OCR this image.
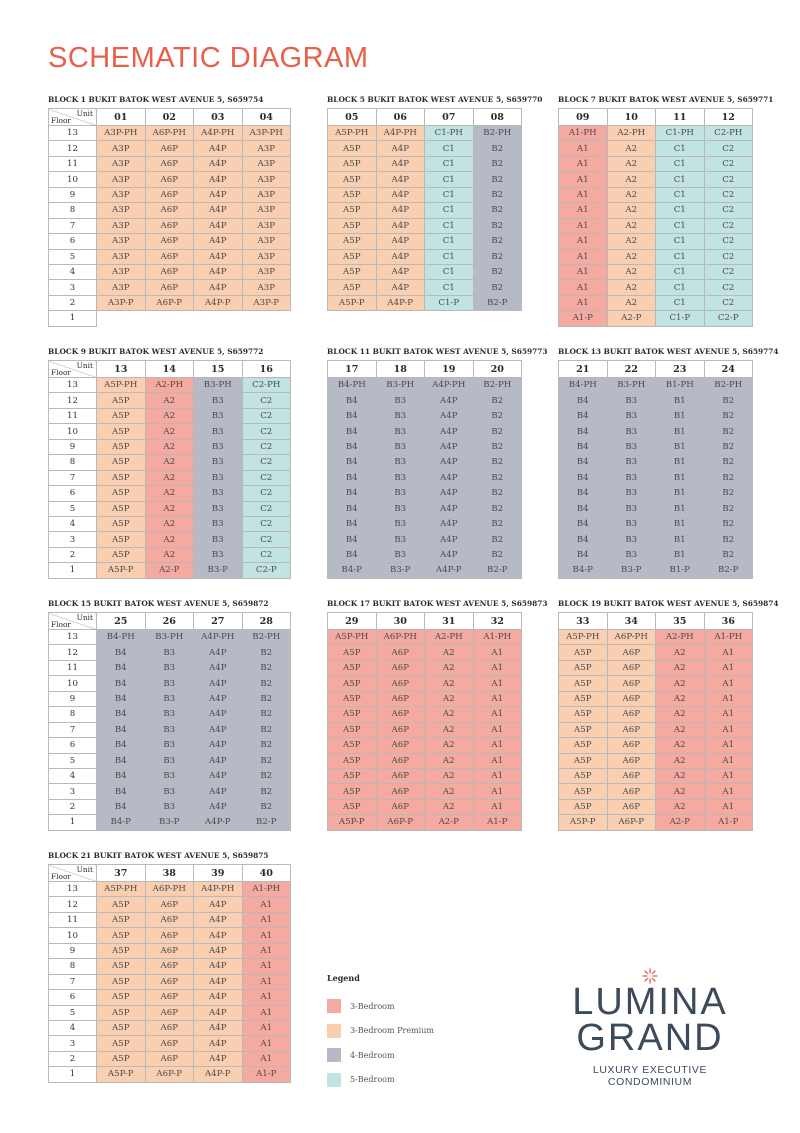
SCHEMATIC DIAGRAM
BLOCK 1 BUKIT BATOK WEST AVENUE 5, S659754
Unit
Floor	01	02	03	04
13	A3P-PH	A6P-PH	A4P-PH	A3P-PH
12	A3P	A6P	A4P	A3P
11	A3P	A6P	A4P	A3P
10	A3P	A6P	A4P	A3P
9	A3P	A6P	A4P	A3P
8	A3P	A6P	A4P	A3P
7	A3P	A6P	A4P	A3P
6	A3P	A6P	A4P	A3P
5	A3P	A6P	A4P	A3P
4	A3P	A6P	A4P	A3P
3	A3P	A6P	A4P	A3P
2	A3P-P	A6P-P	A4P-P	A3P-P
1				
BLOCK 5 BUKIT BATOK WEST AVENUE 5, S659770
05	06	07	08
A5P-PH	A4P-PH	C1-PH	B2-PH
A5P	A4P	C1	B2
A5P	A4P	C1	B2
A5P	A4P	C1	B2
A5P	A4P	C1	B2
A5P	A4P	C1	B2
A5P	A4P	C1	B2
A5P	A4P	C1	B2
A5P	A4P	C1	B2
A5P	A4P	C1	B2
A5P	A4P	C1	B2
A5P-P	A4P-P	C1-P	B2-P
BLOCK 7 BUKIT BATOK WEST AVENUE 5, S659771
09	10	11	12
A1-PH	A2-PH	C1-PH	C2-PH
A1	A2	C1	C2
A1	A2	C1	C2
A1	A2	C1	C2
A1	A2	C1	C2
A1	A2	C1	C2
A1	A2	C1	C2
A1	A2	C1	C2
A1	A2	C1	C2
A1	A2	C1	C2
A1	A2	C1	C2
A1	A2	C1	C2
A1-P	A2-P	C1-P	C2-P
BLOCK 9 BUKIT BATOK WEST AVENUE 5, S659772
Unit
Floor	13	14	15	16
13	A5P-PH	A2-PH	B3-PH	C2-PH
12	A5P	A2	B3	C2
11	A5P	A2	B3	C2
10	A5P	A2	B3	C2
9	A5P	A2	B3	C2
8	A5P	A2	B3	C2
7	A5P	A2	B3	C2
6	A5P	A2	B3	C2
5	A5P	A2	B3	C2
4	A5P	A2	B3	C2
3	A5P	A2	B3	C2
2	A5P	A2	B3	C2
1	A5P-P	A2-P	B3-P	C2-P
BLOCK 11 BUKIT BATOK WEST AVENUE 5, S659773
17	18	19	20
B4-PH	B3-PH	A4P-PH	B2-PH
B4	B3	A4P	B2
B4	B3	A4P	B2
B4	B3	A4P	B2
B4	B3	A4P	B2
B4	B3	A4P	B2
B4	B3	A4P	B2
B4	B3	A4P	B2
B4	B3	A4P	B2
B4	B3	A4P	B2
B4	B3	A4P	B2
B4	B3	A4P	B2
B4-P	B3-P	A4P-P	B2-P
BLOCK 13 BUKIT BATOK WEST AVENUE 5, S659774
21	22	23	24
B4-PH	B3-PH	B1-PH	B2-PH
B4	B3	B1	B2
B4	B3	B1	B2
B4	B3	B1	B2
B4	B3	B1	B2
B4	B3	B1	B2
B4	B3	B1	B2
B4	B3	B1	B2
B4	B3	B1	B2
B4	B3	B1	B2
B4	B3	B1	B2
B4	B3	B1	B2
B4-P	B3-P	B1-P	B2-P
BLOCK 15 BUKIT BATOK WEST AVENUE 5, S659872
Unit
Floor	25	26	27	28
13	B4-PH	B3-PH	A4P-PH	B2-PH
12	B4	B3	A4P	B2
11	B4	B3	A4P	B2
10	B4	B3	A4P	B2
9	B4	B3	A4P	B2
8	B4	B3	A4P	B2
7	B4	B3	A4P	B2
6	B4	B3	A4P	B2
5	B4	B3	A4P	B2
4	B4	B3	A4P	B2
3	B4	B3	A4P	B2
2	B4	B3	A4P	B2
1	B4-P	B3-P	A4P-P	B2-P
BLOCK 17 BUKIT BATOK WEST AVENUE 5, S659873
29	30	31	32
A5P-PH	A6P-PH	A2-PH	A1-PH
A5P	A6P	A2	A1
A5P	A6P	A2	A1
A5P	A6P	A2	A1
A5P	A6P	A2	A1
A5P	A6P	A2	A1
A5P	A6P	A2	A1
A5P	A6P	A2	A1
A5P	A6P	A2	A1
A5P	A6P	A2	A1
A5P	A6P	A2	A1
A5P	A6P	A2	A1
A5P-P	A6P-P	A2-P	A1-P
BLOCK 19 BUKIT BATOK WEST AVENUE 5, S659874
33	34	35	36
A5P-PH	A6P-PH	A2-PH	A1-PH
A5P	A6P	A2	A1
A5P	A6P	A2	A1
A5P	A6P	A2	A1
A5P	A6P	A2	A1
A5P	A6P	A2	A1
A5P	A6P	A2	A1
A5P	A6P	A2	A1
A5P	A6P	A2	A1
A5P	A6P	A2	A1
A5P	A6P	A2	A1
A5P	A6P	A2	A1
A5P-P	A6P-P	A2-P	A1-P
BLOCK 21 BUKIT BATOK WEST AVENUE 5, S659875
Unit
Floor	37	38	39	40
13	A5P-PH	A6P-PH	A4P-PH	A1-PH
12	A5P	A6P	A4P	A1
11	A5P	A6P	A4P	A1
10	A5P	A6P	A4P	A1
9	A5P	A6P	A4P	A1
8	A5P	A6P	A4P	A1
7	A5P	A6P	A4P	A1
6	A5P	A6P	A4P	A1
5	A5P	A6P	A4P	A1
4	A5P	A6P	A4P	A1
3	A5P	A6P	A4P	A1
2	A5P	A6P	A4P	A1
1	A5P-P	A6P-P	A4P-P	A1-P
Legend
3-Bedroom
3-Bedroom Premium
4-Bedroom
5-Bedroom
LUMINA
GRAND
LUXURY EXECUTIVE CONDOMINIUM
